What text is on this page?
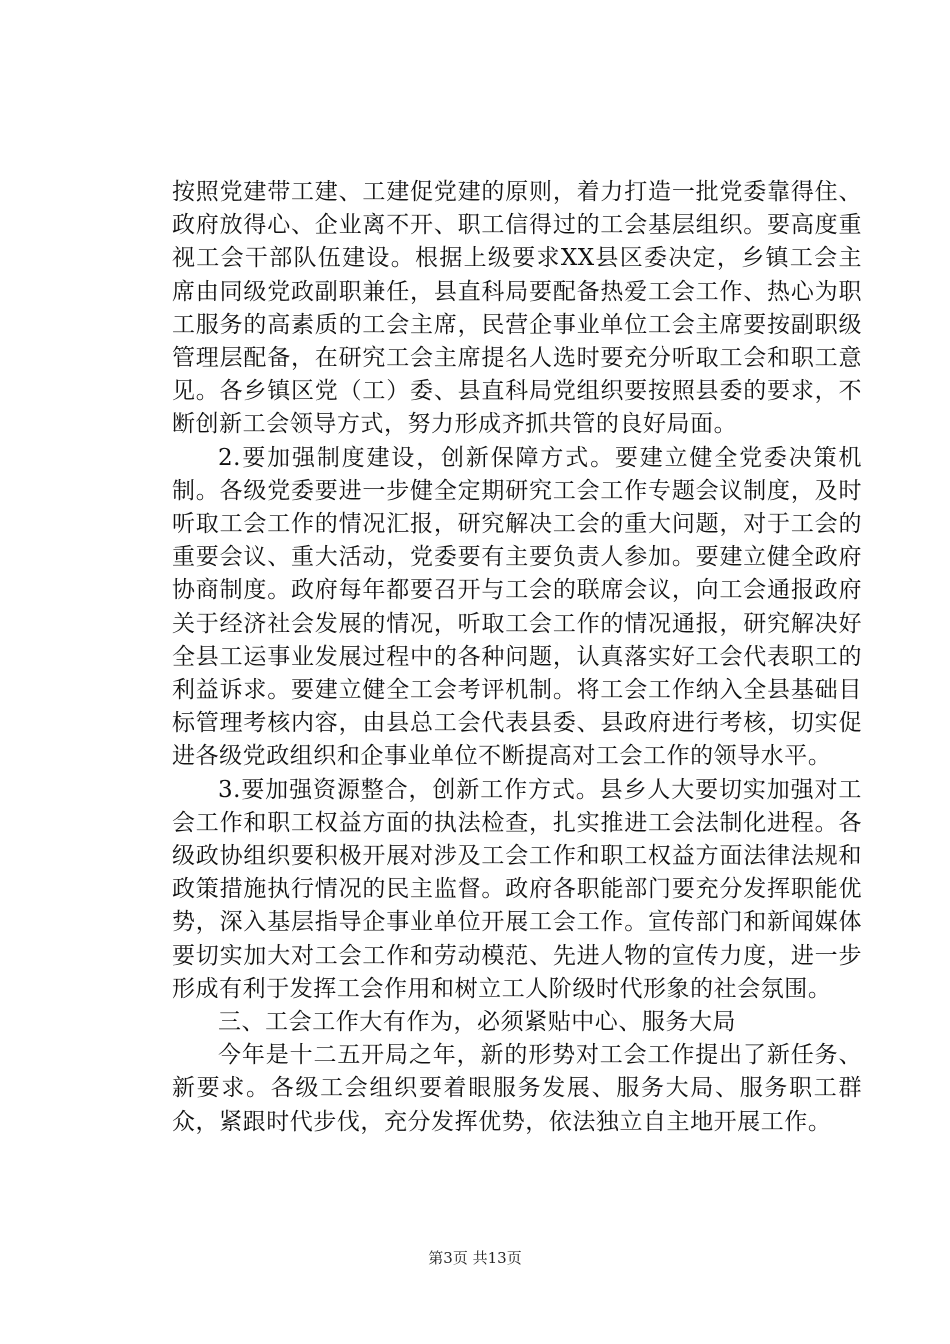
按照党建带工建、工建促党建的原则，着力打造一批党委靠得住、政府放得心、企业离不开、职工信得过的工会基层组织。要高度重视工会干部队伍建设。根据上级要求XX县区委决定，乡镇工会主席由同级党政副职兼任，县直科局要配备热爱工会工作、热心为职工服务的高素质的工会主席，民营企事业单位工会主席要按副职级管理层配备，在研究工会主席提名人选时要充分听取工会和职工意见。各乡镇区党（工）委、县直科局党组织要按照县委的要求，不断创新工会领导方式，努力形成齐抓共管的良好局面。

2.要加强制度建设，创新保障方式。要建立健全党委决策机制。各级党委要进一步健全定期研究工会工作专题会议制度，及时听取工会工作的情况汇报，研究解决工会的重大问题，对于工会的重要会议、重大活动，党委要有主要负责人参加。要建立健全政府协商制度。政府每年都要召开与工会的联席会议，向工会通报政府关于经济社会发展的情况，听取工会工作的情况通报，研究解决好全县工运事业发展过程中的各种问题，认真落实好工会代表职工的利益诉求。要建立健全工会考评机制。将工会工作纳入全县基础目标管理考核内容，由县总工会代表县委、县政府进行考核，切实促进各级党政组织和企事业单位不断提高对工会工作的领导水平。

3.要加强资源整合，创新工作方式。县乡人大要切实加强对工会工作和职工权益方面的执法检查，扎实推进工会法制化进程。各级政协组织要积极开展对涉及工会工作和职工权益方面法律法规和政策措施执行情况的民主监督。政府各职能部门要充分发挥职能优势，深入基层指导企事业单位开展工会工作。宣传部门和新闻媒体要切实加大对工会工作和劳动模范、先进人物的宣传力度，进一步形成有利于发挥工会作用和树立工人阶级时代形象的社会氛围。

三、工会工作大有作为，必须紧贴中心、服务大局

今年是十二五开局之年，新的形势对工会工作提出了新任务、新要求。各级工会组织要着眼服务发展、服务大局、服务职工群众，紧跟时代步伐，充分发挥优势，依法独立自主地开展工作。

第3页 共13页
